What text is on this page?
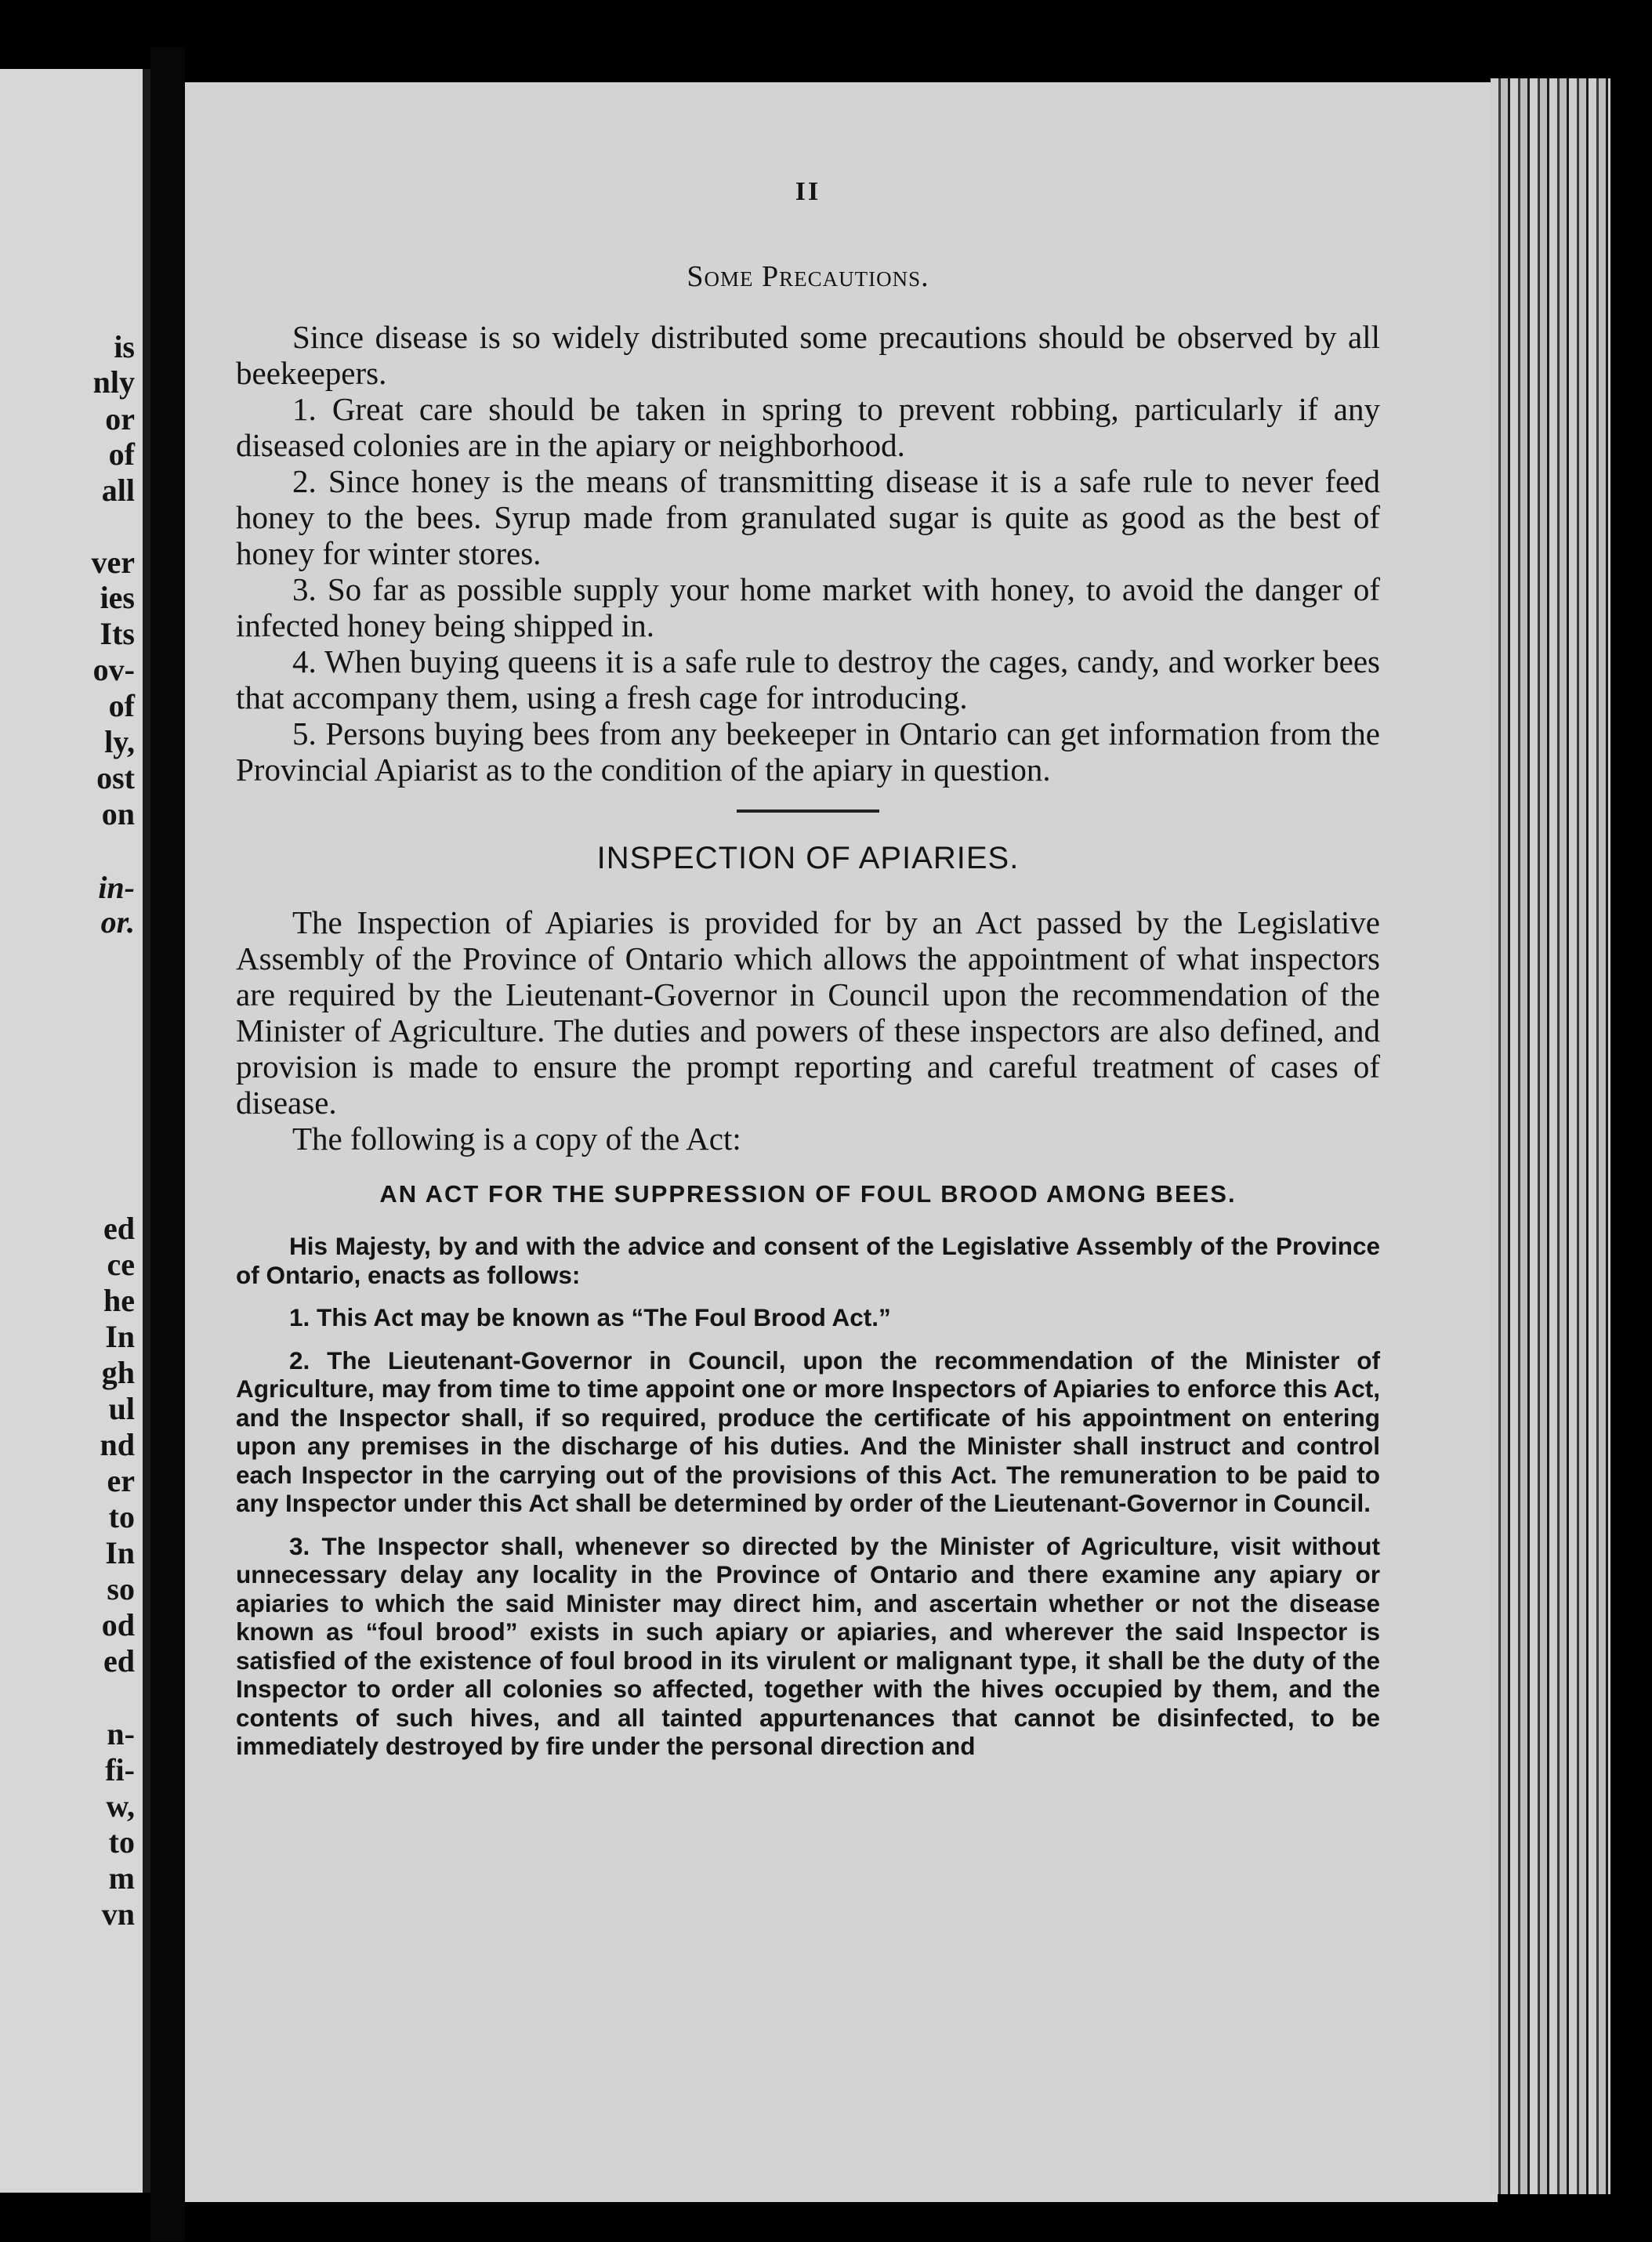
is
nly
or
of
all
ver
ies
Its
ov-
of
ly,
ost
on
in-
or.
ed
ce
he
In
gh
ul
nd
er
to
In
so
od
ed
n-
fi-
w,
to
m
vn
II
Some Precautions.

Since disease is so widely distributed some precautions should be observed by all beekeepers.

1. Great care should be taken in spring to prevent robbing, particularly if any diseased colonies are in the apiary or neighborhood.

2. Since honey is the means of transmitting disease it is a safe rule to never feed honey to the bees. Syrup made from granulated sugar is quite as good as the best of honey for winter stores.

3. So far as possible supply your home market with honey, to avoid the danger of infected honey being shipped in.

4. When buying queens it is a safe rule to destroy the cages, candy, and worker bees that accompany them, using a fresh cage for introducing.

5. Persons buying bees from any beekeeper in Ontario can get information from the Provincial Apiarist as to the condition of the apiary in question.

INSPECTION OF APIARIES.

The Inspection of Apiaries is provided for by an Act passed by the Legislative Assembly of the Province of Ontario which allows the appointment of what inspectors are required by the Lieutenant-Governor in Council upon the recommendation of the Minister of Agriculture. The duties and powers of these inspectors are also defined, and provision is made to ensure the prompt reporting and careful treatment of cases of disease.

The following is a copy of the Act:

AN ACT FOR THE SUPPRESSION OF FOUL BROOD AMONG BEES.

His Majesty, by and with the advice and consent of the Legislative Assembly of the Province of Ontario, enacts as follows:

1. This Act may be known as “The Foul Brood Act.”

2. The Lieutenant-Governor in Council, upon the recommendation of the Minister of Agriculture, may from time to time appoint one or more Inspectors of Apiaries to enforce this Act, and the Inspector shall, if so required, produce the certificate of his appointment on entering upon any premises in the discharge of his duties. And the Minister shall instruct and control each Inspector in the carrying out of the provisions of this Act. The remuneration to be paid to any Inspector under this Act shall be determined by order of the Lieutenant-Governor in Council.

3. The Inspector shall, whenever so directed by the Minister of Agriculture, visit without unnecessary delay any locality in the Province of Ontario and there examine any apiary or apiaries to which the said Minister may direct him, and ascertain whether or not the disease known as “foul brood” exists in such apiary or apiaries, and wherever the said Inspector is satisfied of the existence of foul brood in its virulent or malignant type, it shall be the duty of the Inspector to order all colonies so affected, together with the hives occupied by them, and the contents of such hives, and all tainted appurtenances that cannot be disinfected, to be immediately destroyed by fire under the personal direction and
